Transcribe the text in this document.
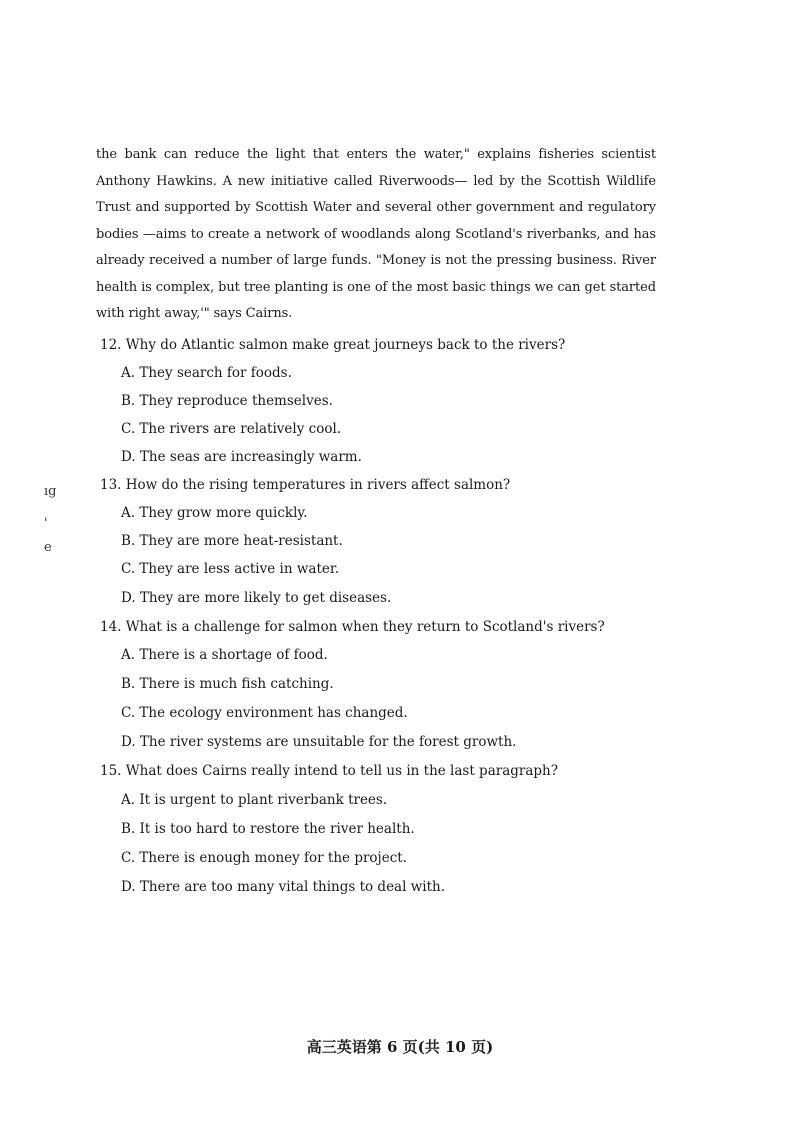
the bank can reduce the light that enters the water," explains fisheries scientist Anthony Hawkins. A new initiative called Riverwoods— led by the Scottish Wildlife Trust and supported by Scottish Water and several other government and regulatory bodies —aims to create a network of woodlands along Scotland's riverbanks, and has already received a number of large funds. "Money is not the pressing business. River health is complex, but tree planting is one of the most basic things we can get started with right away,'" says Cairns.

12. Why do Atlantic salmon make great journeys back to the rivers?
A. They search for foods.
B. They reproduce themselves.
C. The rivers are relatively cool.
D. The seas are increasingly warm.
13. How do the rising temperatures in rivers affect salmon?
A. They grow more quickly.
B. They are more heat-resistant.
C. They are less active in water.
D. They are more likely to get diseases.
14. What is a challenge for salmon when they return to Scotland's rivers?
A. There is a shortage of food.
B. There is much fish catching.
C. The ecology environment has changed.
D. The river systems are unsuitable for the forest growth.
15. What does Cairns really intend to tell us in the last paragraph?
A. It is urgent to plant riverbank trees.
B. It is too hard to restore the river health.
C. There is enough money for the project.
D. There are too many vital things to deal with.
ıg
'
e
高三英语第 6 页(共 10 页)
